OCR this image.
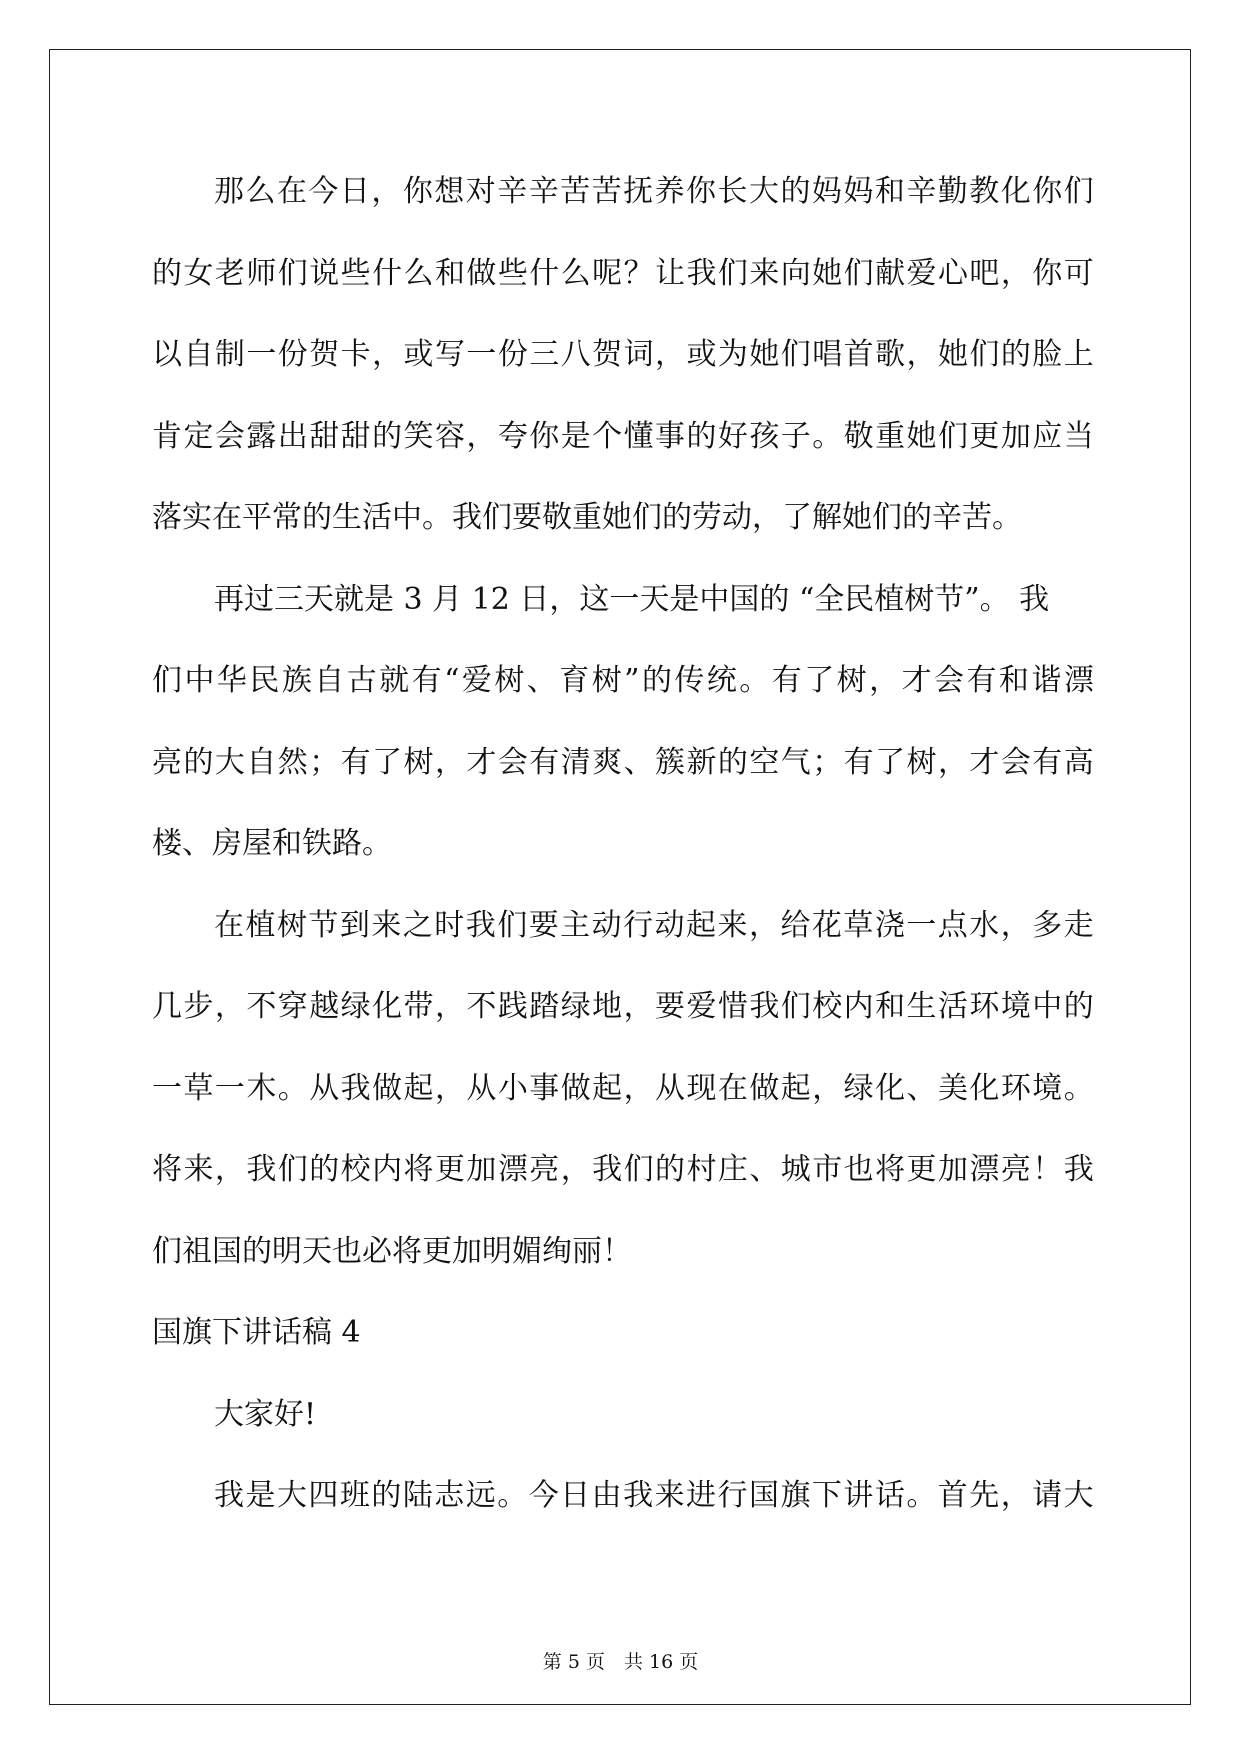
那 么 在 今 日 ， 你 想 对 辛 辛 苦 苦 抚 养 你 长 大 的 妈 妈 和 辛 勤 教 化 你 们
的 女 老 师 们 说 些 什 么 和 做 些 什 么 呢 ？ 让 我 们 来 向 她 们 献 爱 心 吧 ， 你 可
以 自 制 一 份 贺 卡 ， 或 写 一 份 三 八 贺 词 ， 或 为 她 们 唱 首 歌 ， 她 们 的 脸 上
肯 定 会 露 出 甜 甜 的 笑 容 ， 夸 你 是 个 懂 事 的 好 孩 子 。 敬 重 她 们 更 加 应 当
落实在平常的生活中。我们要敬重她们的劳动，了解她们的辛苦。
再过三天就是 3 月 12 日，这一天是中国的 “全民植树节”。 我
们 中 华 民 族 自 古 就 有 “ 爱 树 、 育 树 ” 的 传 统 。 有 了 树 ， 才 会 有 和 谐 漂
亮 的 大 自 然 ； 有 了 树 ， 才 会 有 清 爽 、 簇 新 的 空 气 ； 有 了 树 ， 才 会 有 高
楼、房屋和铁路。
在 植 树 节 到 来 之 时 我 们 要 主 动 行 动 起 来 ， 给 花 草 浇 一 点 水 ， 多 走
几 步 ， 不 穿 越 绿 化 带 ， 不 践 踏 绿 地 ， 要 爱 惜 我 们 校 内 和 生 活 环 境 中 的
一 草 一 木 。 从 我 做 起 ， 从 小 事 做 起 ， 从 现 在 做 起 ， 绿 化 、 美 化 环 境 。
将 来 ， 我 们 的 校 内 将 更 加 漂 亮 ， 我 们 的 村 庄 、 城 市 也 将 更 加 漂 亮 ！ 我
们祖国的明天也必将更加明媚绚丽！
国旗下讲话稿 4
大家好!
我 是 大 四 班 的 陆 志 远 。 今 日 由 我 来 进 行 国 旗 下 讲 话 。 首 先 ， 请 大
第 5 页　共 16 页
